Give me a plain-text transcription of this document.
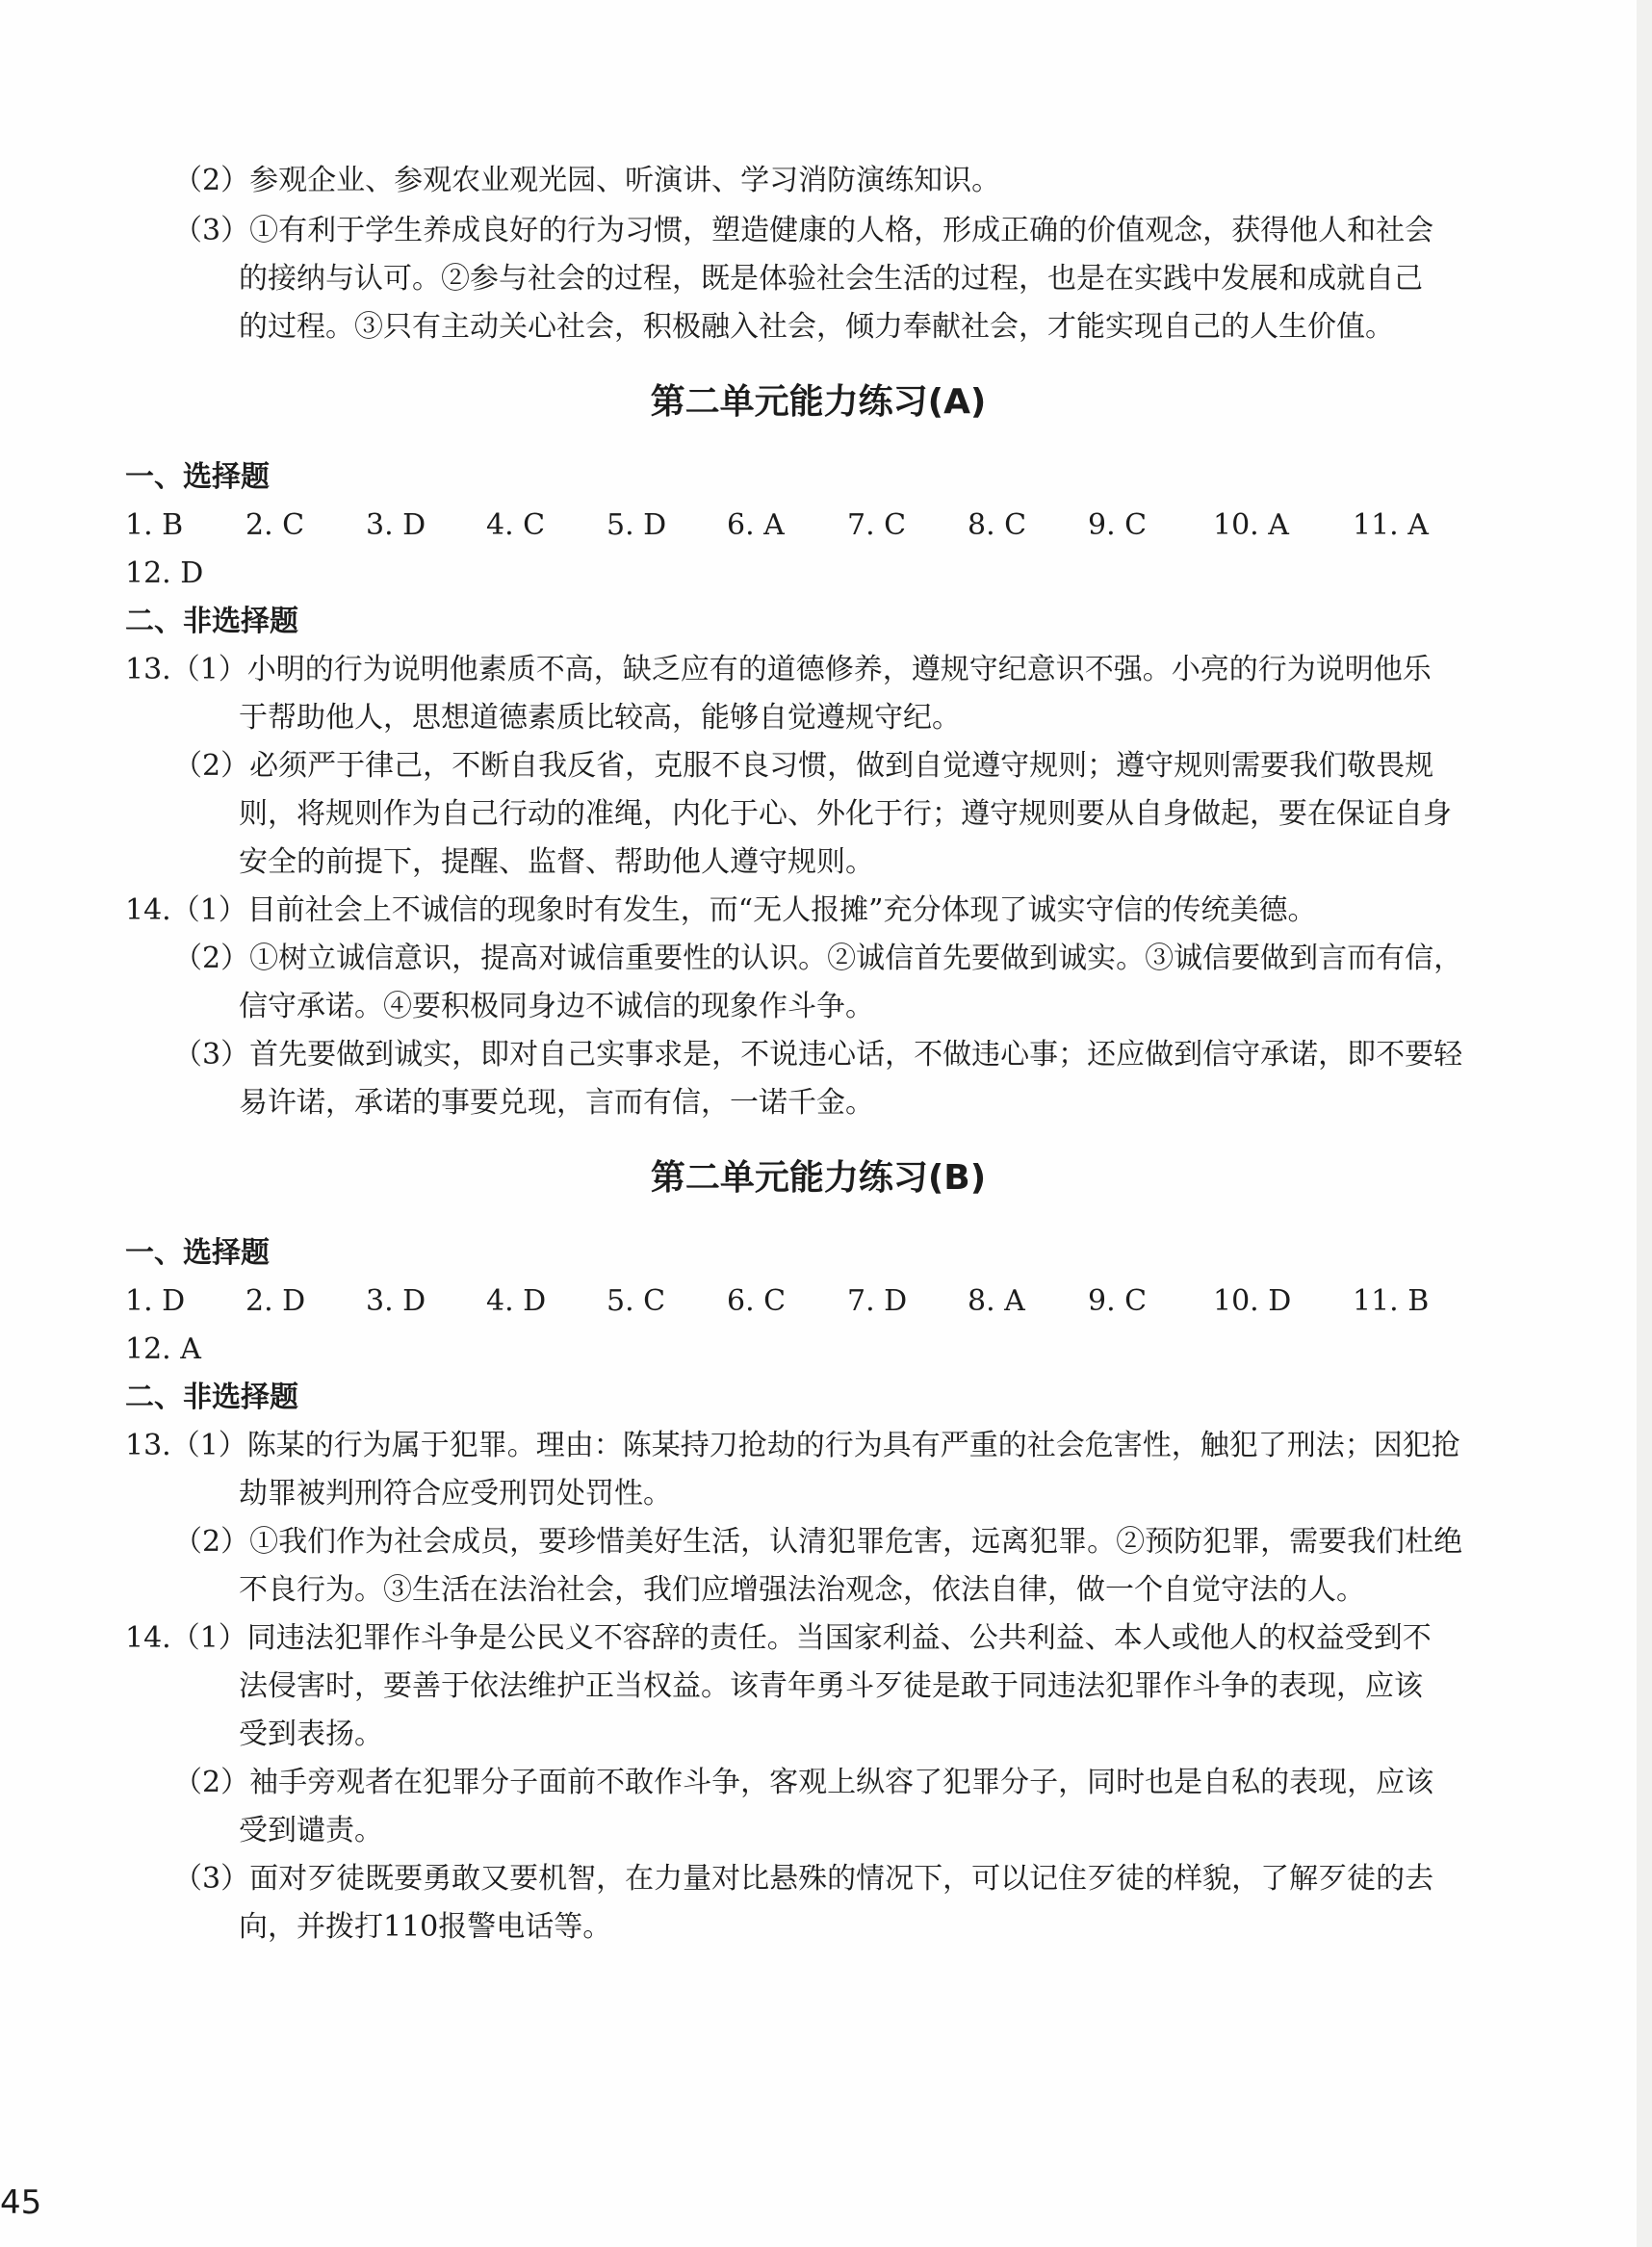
（2）参观企业、参观农业观光园、听演讲、学习消防演练知识。

（3）①有利于学生养成良好的行为习惯，塑造健康的人格，形成正确的价值观念，获得他人和社会

的接纳与认可。②参与社会的过程，既是体验社会生活的过程，也是在实践中发展和成就自己

的过程。③只有主动关心社会，积极融入社会，倾力奉献社会，才能实现自己的人生价值。

第二单元能力练习(A)
一、选择题
1. B 2. C 3. D 4. C 5. D 6. A 7. C 8. C 9. C 10. A 11. A
12. D
二、非选择题

13.（1）小明的行为说明他素质不高，缺乏应有的道德修养，遵规守纪意识不强。小亮的行为说明他乐

于帮助他人，思想道德素质比较高，能够自觉遵规守纪。

（2）必须严于律己，不断自我反省，克服不良习惯，做到自觉遵守规则；遵守规则需要我们敬畏规

则，将规则作为自己行动的准绳，内化于心、外化于行；遵守规则要从自身做起，要在保证自身

安全的前提下，提醒、监督、帮助他人遵守规则。

14.（1）目前社会上不诚信的现象时有发生，而“无人报摊”充分体现了诚实守信的传统美德。

（2）①树立诚信意识，提高对诚信重要性的认识。②诚信首先要做到诚实。③诚信要做到言而有信，

信守承诺。④要积极同身边不诚信的现象作斗争。

（3）首先要做到诚实，即对自己实事求是，不说违心话，不做违心事；还应做到信守承诺，即不要轻

易许诺，承诺的事要兑现，言而有信，一诺千金。

第二单元能力练习(B)
一、选择题
1. D 2. D 3. D 4. D 5. C 6. C 7. D 8. A 9. C 10. D 11. B
12. A
二、非选择题

13.（1）陈某的行为属于犯罪。理由：陈某持刀抢劫的行为具有严重的社会危害性，触犯了刑法；因犯抢

劫罪被判刑符合应受刑罚处罚性。

（2）①我们作为社会成员，要珍惜美好生活，认清犯罪危害，远离犯罪。②预防犯罪，需要我们杜绝

不良行为。③生活在法治社会，我们应增强法治观念，依法自律，做一个自觉守法的人。

14.（1）同违法犯罪作斗争是公民义不容辞的责任。当国家利益、公共利益、本人或他人的权益受到不

法侵害时，要善于依法维护正当权益。该青年勇斗歹徒是敢于同违法犯罪作斗争的表现，应该

受到表扬。

（2）袖手旁观者在犯罪分子面前不敢作斗争，客观上纵容了犯罪分子，同时也是自私的表现，应该

受到谴责。

（3）面对歹徒既要勇敢又要机智，在力量对比悬殊的情况下，可以记住歹徒的样貌，了解歹徒的去

向，并拨打110报警电话等。

45
